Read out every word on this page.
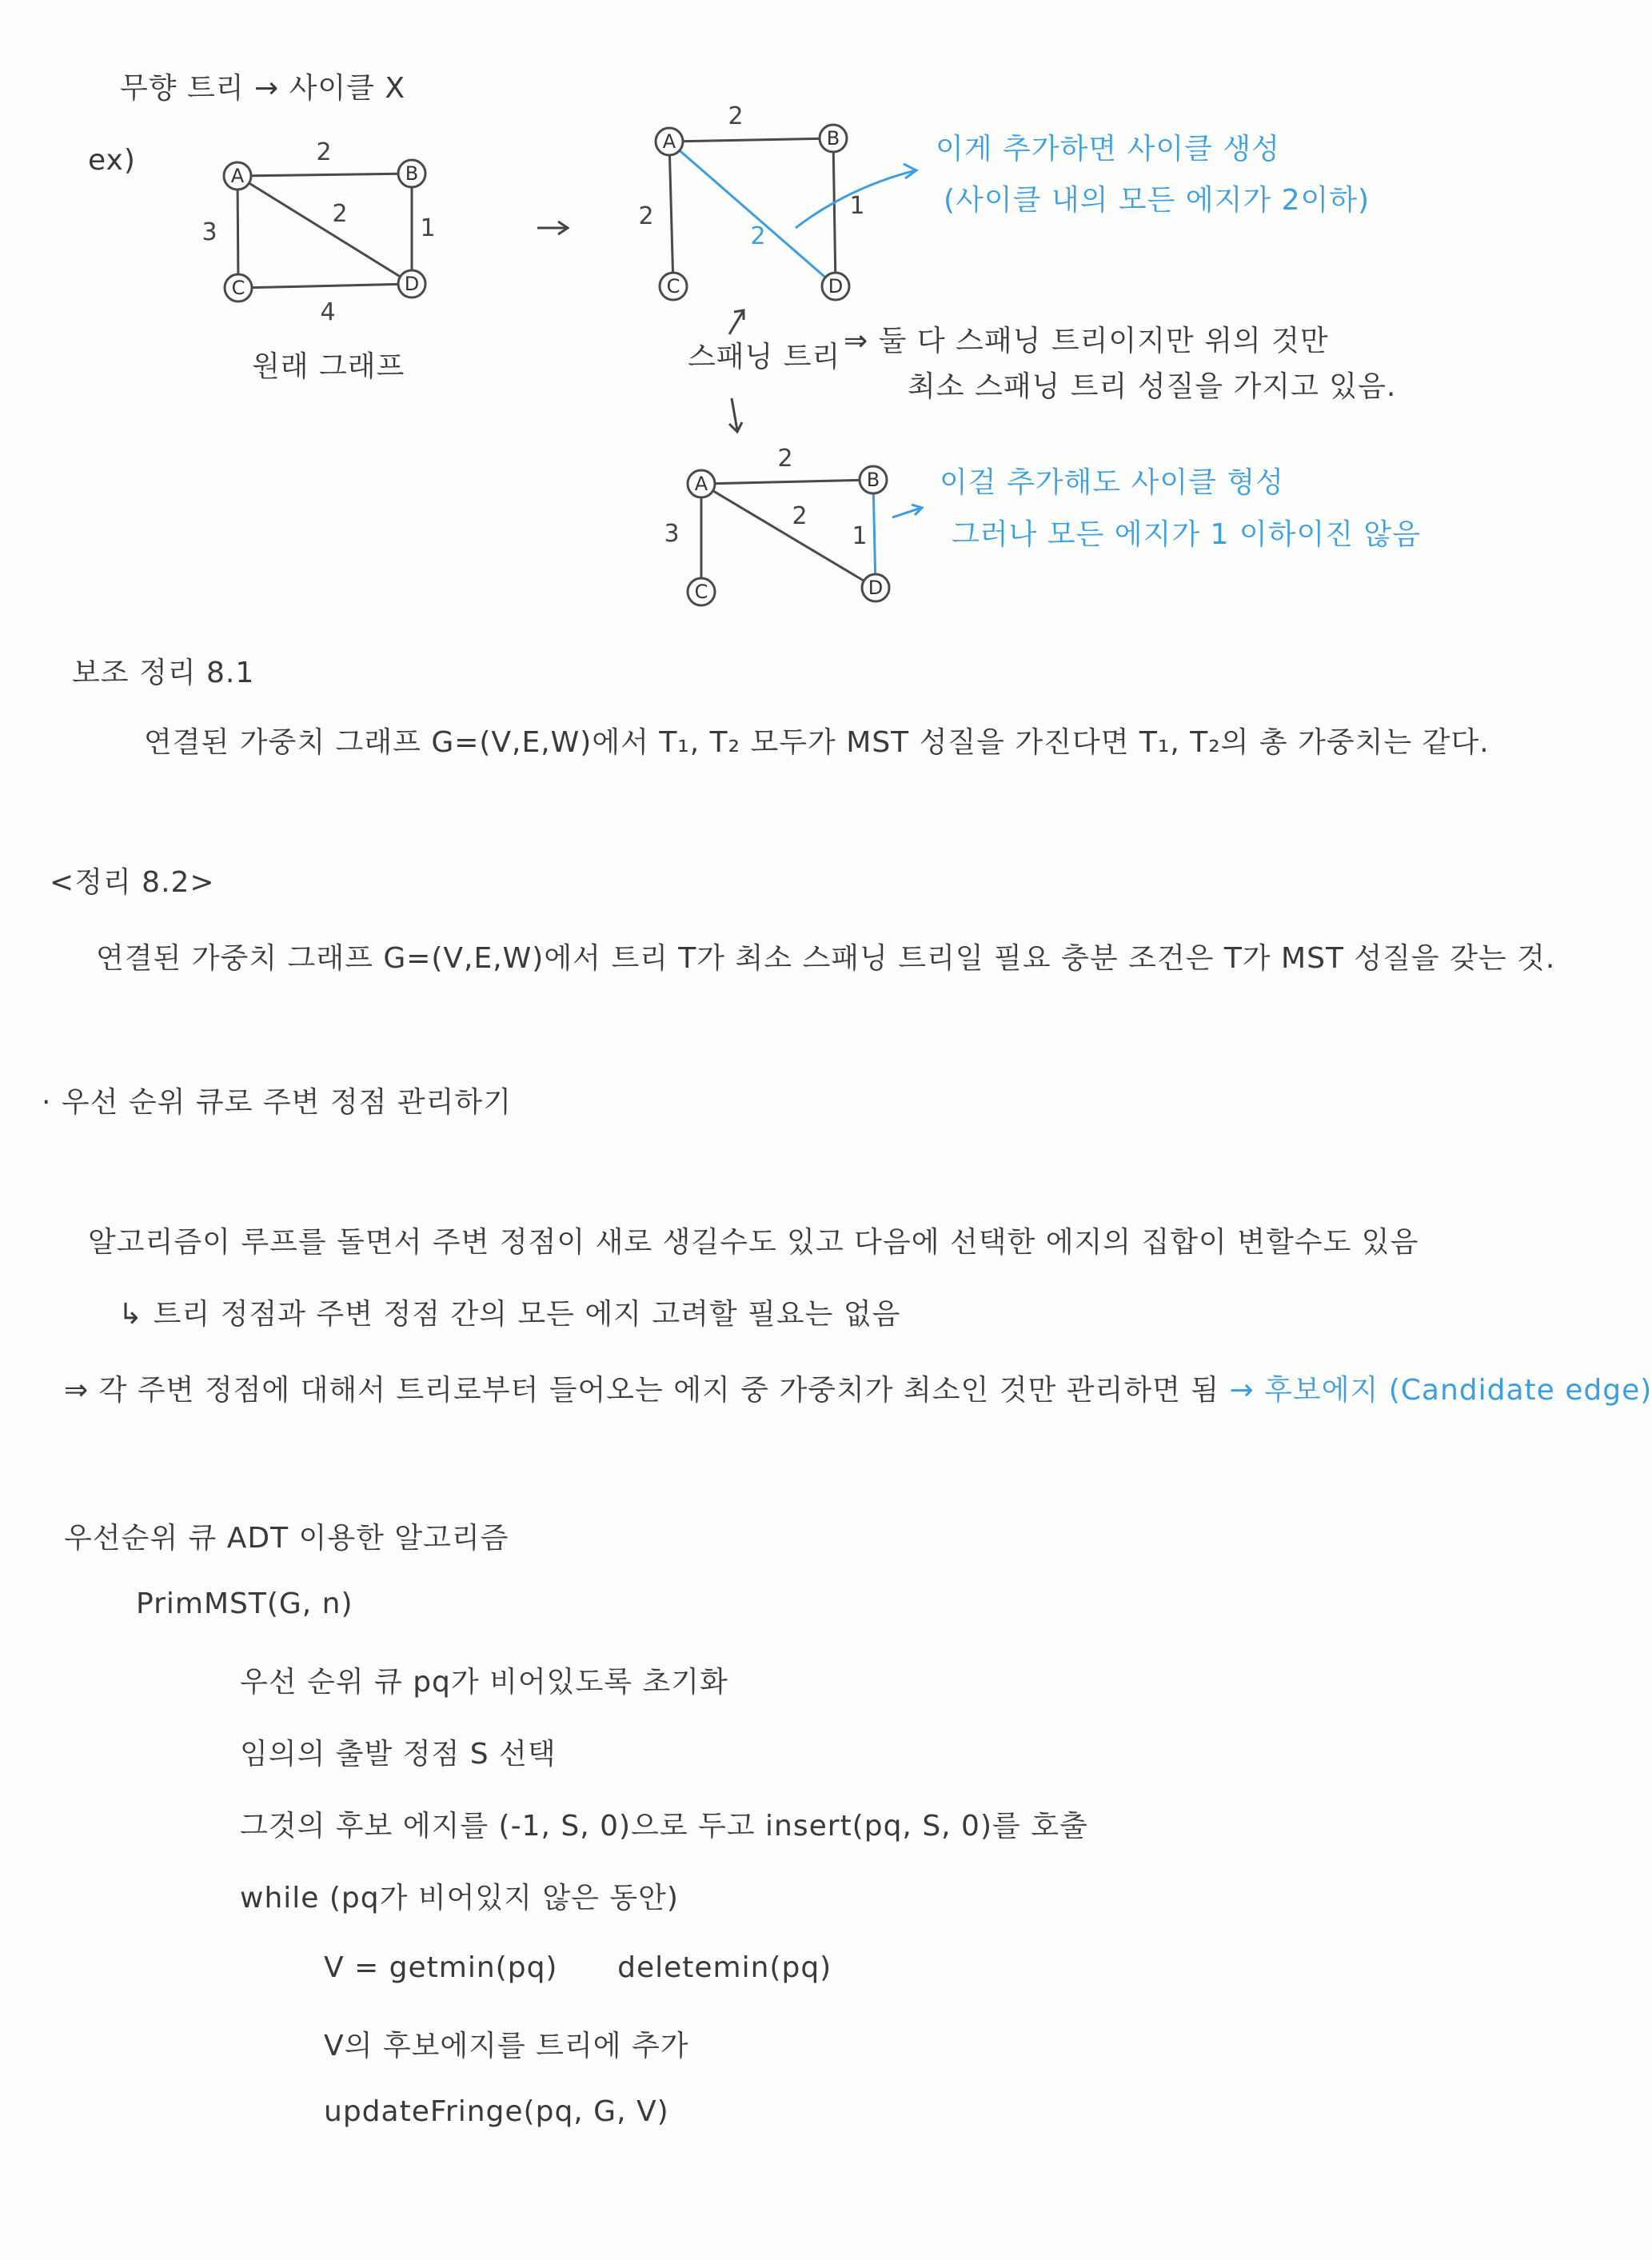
무향 트리 → 사이클 X
ex)	2
2
1
3
4
A	B
C	D
원래 그래프
2
2
2
1
A	B
C	D
이게 추가하면 사이클 생성
(사이클 내의 모든 에지가 2이하)
스패닝 트리 ⇒ 둘 다 스패닝 트리이지만 위의 것만
최소 스패닝 트리 성질을 가지고 있음.
2
3
2
1
A	B
C	D
이걸 추가해도 사이클 형성
그러나 모든 에지가 1 이하이진 않음
보조 정리 8.1
연결된 가중치 그래프 G=(V,E,W)에서 T₁, T₂ 모두가 MST 성질을 가진다면 T₁, T₂의 총 가중치는 같다.
<정리 8.2>
연결된 가중치 그래프 G=(V,E,W)에서 트리 T가 최소 스패닝 트리일 필요 충분 조건은 T가 MST 성질을 갖는 것.
· 우선 순위 큐로 주변 정점 관리하기
알고리즘이 루프를 돌면서 주변 정점이 새로 생길수도 있고 다음에 선택한 에지의 집합이 변할수도 있음
↳ 트리 정점과 주변 정점 간의 모든 에지 고려할 필요는 없음
⇒ 각 주변 정점에 대해서 트리로부터 들어오는 에지 중 가중치가 최소인 것만 관리하면 됨 → 후보에지 (Candidate edge)
우선순위 큐 ADT 이용한 알고리즘
PrimMST(G, n)
우선 순위 큐 pq가 비어있도록 초기화
임의의 출발 정점 S 선택
그것의 후보 에지를 (-1, S, 0)으로 두고 insert(pq, S, 0)를 호출
while (pq가 비어있지 않은 동안)
V = getmin(pq)      deletemin(pq)
V의 후보에지를 트리에 추가
updateFringe(pq, G, V)
